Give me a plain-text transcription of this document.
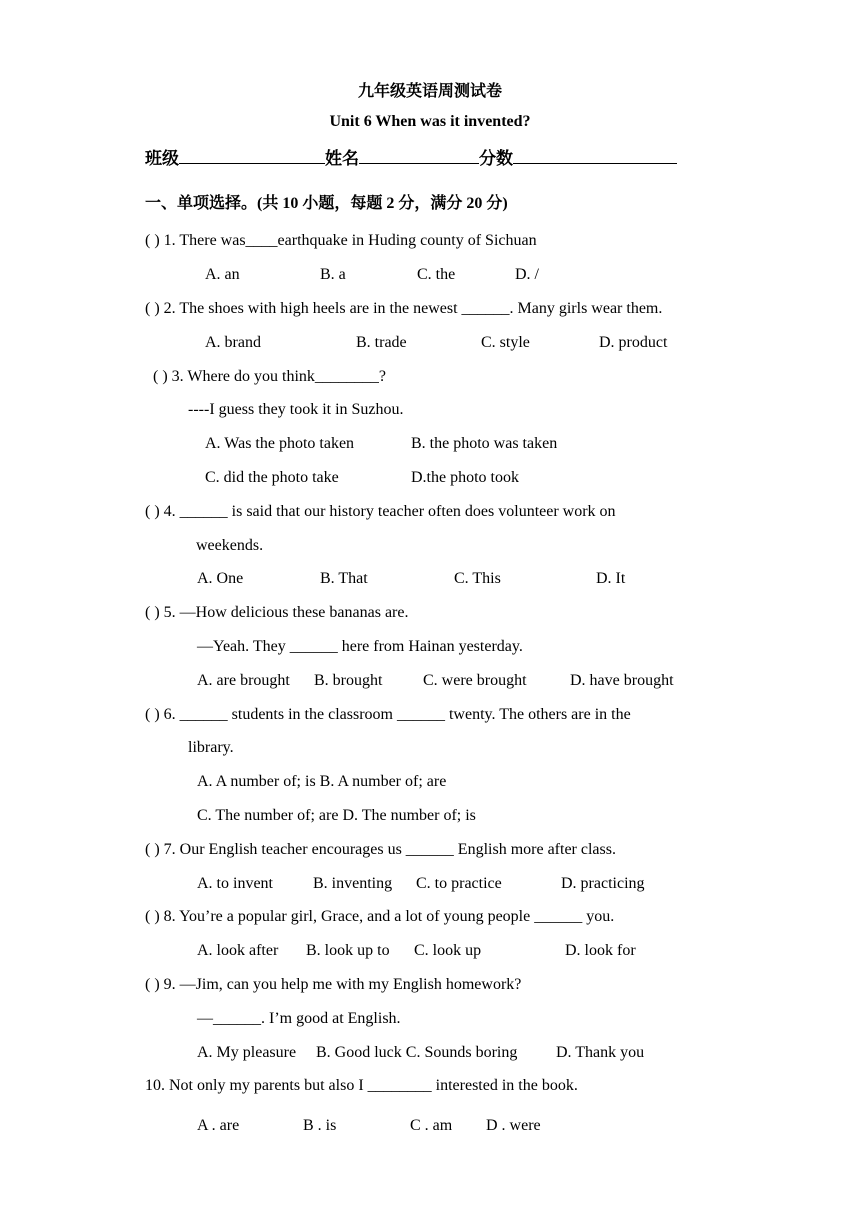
九年级英语周测试卷
Unit 6 When was it invented?
班级	姓名	分数
一、单项选择。(共 10 小题，每题 2 分，满分 20 分)
( ) 1. There was____earthquake in Huding county of Sichuan
A. an	B. a	C. the	D. /
( ) 2. The shoes with high heels are in the newest ______. Many girls wear them.
A. brand	B. trade	C. style	D. product
( ) 3. Where do you think________?
----I guess they took it in Suzhou.
A. Was the photo taken	B. the photo was taken
C. did the photo take	D.the photo took
( ) 4. ______ is said that our history teacher often does volunteer work on
weekends.
A. One	B. That	C. This	D. It
( ) 5. —How delicious these bananas are.
—Yeah. They ______ here from Hainan yesterday.
A. are brought B. brought	C. were brought	D. have brought
( ) 6. ______ students in the classroom ______ twenty. The others are in the
library.
A. A number of; is B. A number of; are
C. The number of; are D. The number of; is
( ) 7. Our English teacher encourages us ______ English more after class.
A. to invent	B. inventing C. to practice	D. practicing
( ) 8. You’re a popular girl, Grace, and a lot of young people ______ you.
A. look after B. look up to C. look up	D. look for
( ) 9. —Jim, can you help me with my English homework?
—______. I’m good at English.
A. My pleasure B. Good luck C. Sounds boring D. Thank you
10. Not only my parents but also I ________ interested in the book.
A . are	B . is	C . am D . were
